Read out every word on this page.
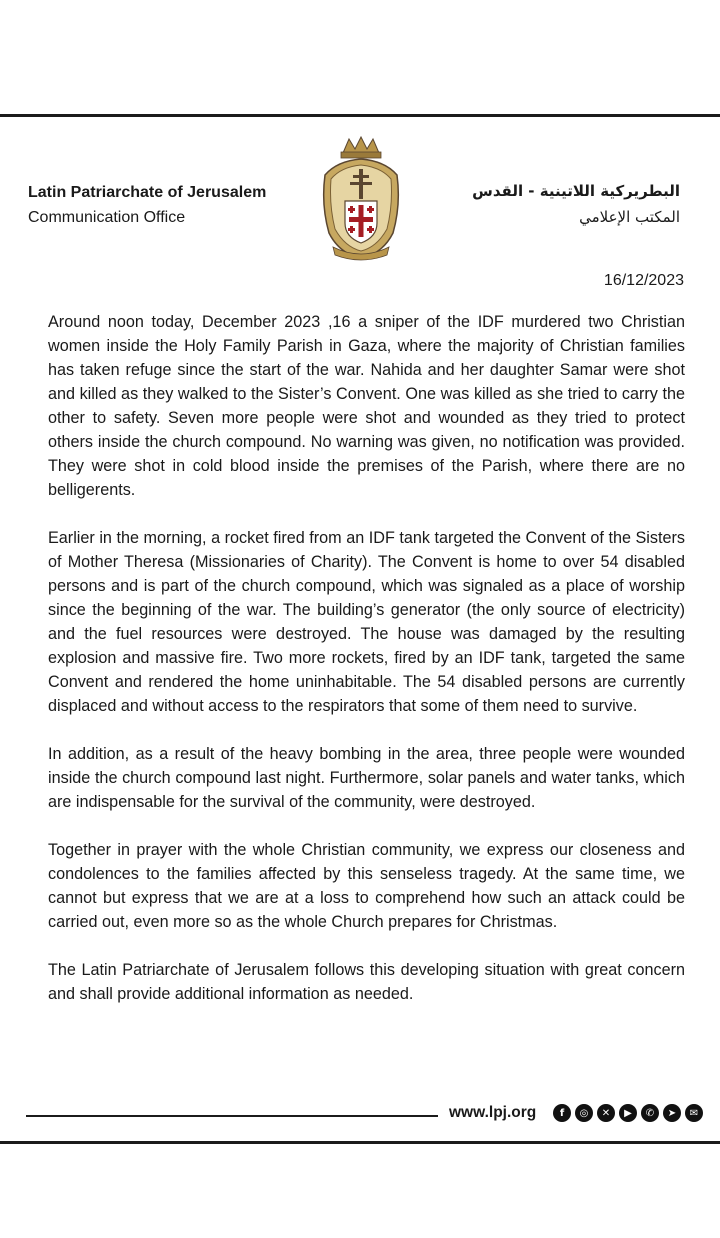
Latin Patriarchate of Jerusalem
Communication Office
البطريركية اللاتينية - القدس
المكتب الإعلامي
16/12/2023

Around noon today, December 2023 ,16 a sniper of the IDF murdered two Christian women inside the Holy Family Parish in Gaza, where the majority of Christian families has taken refuge since the start of the war. Nahida and her daughter Samar were shot and killed as they walked to the Sister’s Convent. One was killed as she tried to carry the other to safety. Seven more people were shot and wounded as they tried to protect others inside the church compound. No warning was given, no notification was provided. They were shot in cold blood inside the premises of the Parish, where there are no belligerents.

Earlier in the morning, a rocket fired from an IDF tank targeted the Convent of the Sisters of Mother Theresa (Missionaries of Charity). The Convent is home to over 54 disabled persons and is part of the church compound, which was signaled as a place of worship since the beginning of the war. The building’s generator (the only source of electricity) and the fuel resources were destroyed. The house was damaged by the resulting explosion and massive fire. Two more rockets, fired by an IDF tank, targeted the same Convent and rendered the home uninhabitable. The 54 disabled persons are currently displaced and without access to the respirators that some of them need to survive.

In addition, as a result of the heavy bombing in the area, three people were wounded inside the church compound last night. Furthermore, solar panels and water tanks, which are indispensable for the survival of the community, were destroyed.

Together in prayer with the whole Christian community, we express our closeness and condolences to the families affected by this senseless tragedy. At the same time, we cannot but express that we are at a loss to comprehend how such an attack could be carried out, even more so as the whole Church prepares for Christmas.

The Latin Patriarchate of Jerusalem follows this developing situation with great concern and shall provide additional information as needed.

www.lpj.org	f	◎	✕	▶	✆	➤	✉
